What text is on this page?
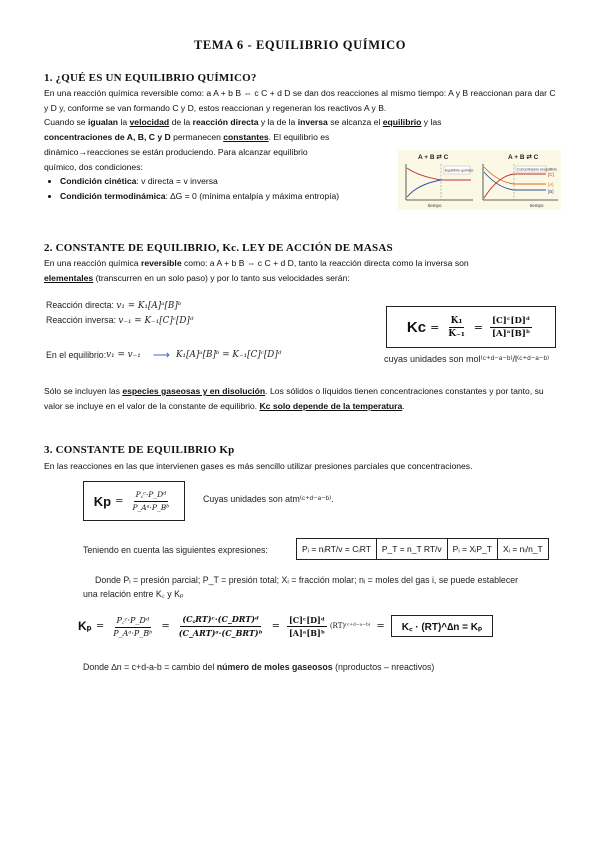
TEMA 6 - EQUILIBRIO QUÍMICO
1. ¿QUÉ ES UN EQUILIBRIO QUÍMICO?
En una reacción química reversible como: a A + b B ⇔ c C + d D se dan dos reacciones al mismo tiempo: A y B reaccionan para dar C y D y, conforme se van formando C y D, estos reaccionan y regeneran los reactivos A y B.
Cuando se igualan la velocidad de la reacción directa y la de la inversa se alcanza el equilibrio y las
concentraciones de A, B, C y D permanecen constantes. El equilibrio es
dinámico→reacciones se están produciendo. Para alcanzar equilibrio
químico, dos condiciones:
• Condición cinética: v directa = v inversa
• Condición termodinámica: ∆G = 0 (mínima entalpía y máxima entropía)
A + B ⇄ C
Equilibrio químico
tiempo
A + B ⇄ C
[C]
[A]
[B]
Concentración al equilibrio
tiempo
2. CONSTANTE DE EQUILIBRIO, Kc. LEY DE ACCIÓN DE MASAS
En una reacción química reversible como: a A + b B ⇔ c C + d D, tanto la reacción directa como la inversa son
elementales (transcurren en un solo paso) y por lo tanto sus velocidades serán:
Reacción directa: v₁ = K₁[A]ᵃ[B]ᵇ
Reacción inversa: v₋₁ = K₋₁[C]ᶜ[D]ᵈ
En el equilibrio: v₁ = v₋₁ ⟶ K₁[A]ᵃ[B]ᵇ = K₋₁[C]ᶜ[D]ᵈ
$Kc = \frac{\text{K₁}}{\text{K₋₁}} = \frac{\text{[C]ᶜ[D]ᵈ}}{\text{[A]ᵃ[B]ᵇ}}$
cuyas unidades son mol⁽ᶜ⁺ᵈ⁻ᵃ⁻ᵇ⁾/l⁽ᶜ⁺ᵈ⁻ᵃ⁻ᵇ⁾
Sólo se incluyen las especies gaseosas y en disolución. Los sólidos o líquidos tienen concentraciones constantes y por tanto, su valor se incluye en el valor de la constante de equilibrio. Kc solo depende de la temperatura.
3. CONSTANTE DE EQUILIBRIO Kp
En las reacciones en las que intervienen gases es más sencillo utilizar presiones parciales que concentraciones.
$Kp = \frac{\text{P꜀ᶜ·P\_Dᵈ}}{\text{P\_Aᵃ·P\_Bᵇ}}$	Cuyas unidades son atm⁽ᶜ⁺ᵈ⁻ᵃ⁻ᵇ⁾.
Teniendo en cuenta las siguientes expresiones:	Pᵢ = nᵢRT/v = CᵢRT	P_T = n_T RT/v	Pᵢ = XᵢP_T	Xᵢ = nᵢ/n_T
Donde Pᵢ = presión parcial; P_T = presión total; Xᵢ = fracción molar; nᵢ = moles del gas i, se puede establecer una relación entre K꜀ y Kₚ
$K_p = \frac{\text{P꜀ᶜ·P\_Dᵈ}}{\text{P\_Aᵃ·P\_Bᵇ}} = \frac{\text{(C꜀RT)ᶜ·(C\_DRT)ᵈ}}{\text{(C\_ART)ᵃ·(C\_BRT)ᵇ}} = \frac{\text{[C]ᶜ[D]ᵈ}}{\text{[A]ᵃ[B]ᵇ}}$ (RT)⁽ᶜ⁺ᵈ⁻ᵃ⁻ᵇ⁾ =	K꜀ · (RT)^∆n = Kₚ
Donde ∆n = c+d-a-b = cambio del número de moles gaseosos (nproductos – nreactivos)
